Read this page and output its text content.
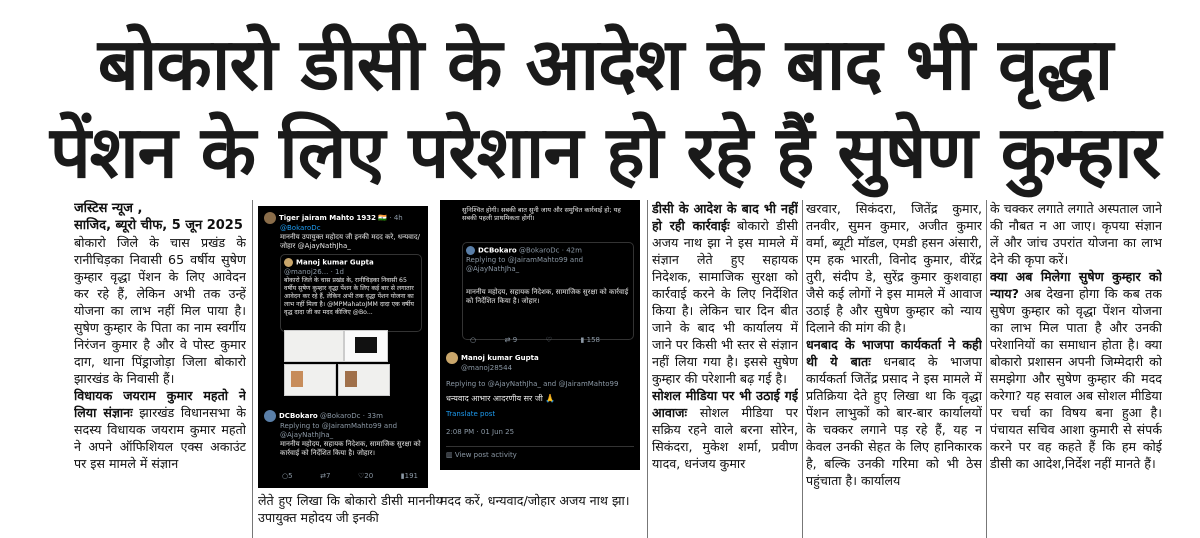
बोकारो डीसी के आदेश के बाद भी वृद्धा
पेंशन के लिए परेशान हो रहे हैं सुषेण कुम्हार

जस्टिस न्यूज ,

साजिद, ब्यूरो चीफ, 5 जून 2025

बोकारो जिले के चास प्रखंड के रानीचिड़का निवासी 65 वर्षीय सुषेण कुम्हार वृद्धा पेंशन के लिए आवेदन कर रहे हैं, लेकिन अभी तक उन्हें योजना का लाभ नहीं मिल पाया है। सुषेण कुम्हार के पिता का नाम स्वर्गीय निरंजन कुमार है और वे पोस्ट कुमार दाग, थाना पिंड्राजोड़ा जिला बोकारो झारखंड के निवासी हैं।

विधायक जयराम कुमार महतो ने लिया संज्ञानः झारखंड विधानसभा के सदस्य विधायक जयराम कुमार महतो ने अपने ऑफिशियल एक्स अकाउंट पर इस मामले में संज्ञान

Tiger jairam Mahto 1932 🇮🇳 · 4h
@BokaroDc
माननीय उपायुक्त महोदय जी इनकी मदद करे, धन्यवाद/ जोहार @AjayNathJha_
Manoj kumar Gupta @manoj26... · 1d
बोकारो जिले के चास प्रखंड के, रानीचिड़का निवासी 65 वर्षीय सुषेण कुम्हार वृद्धा पेंशन के लिए कई बार से लगातार आवेदन कर रहे हैं, लेकिन अभी तक वृद्धा पेंशन योजना का लाभ नहीं मिला है। @MPMahatoJMM दादा एक वर्षीय वृद्ध दादा जी का मदद कीजिए @Bo...
DCBokaro @BokaroDc · 33m
Replying to @JairamMahto99 and @AjayNathJha_
माननीय महोदय, सहायक निदेशक, सामाजिक सुरक्षा को कार्रवाई को निर्देशित किया है। जोहार।
○5	⇄7	♡20	▮191
सुनिश्चित होगी। सबकी बात सुनी जाय और समुचित कार्रवाई हो; यह सबकी पहली प्राथमिकता होगी।
DCBokaro @BokaroDc · 42m
Replying to @JairamMahto99 and @AjayNathJha_
माननीय महोदय, सहायक निदेशक, सामाजिक सुरक्षा को कार्रवाई को निर्देशित किया है। जोहार।
○	⇄ 9	♡	▮ 158
Manoj kumar Gupta
@manoj28544
Replying to @AjayNathJha_ and @JairamMahto99
धन्यवाद आभार आदरणीय सर जी 🙏
Translate post
2:08 PM · 01 Jun 25
▥ View post activity
लेते हुए लिखा कि बोकारो डीसी माननीय उपायुक्त महोदय जी इनकी
मदद करें, धन्यवाद/जोहार अजय नाथ झा।

डीसी के आदेश के बाद भी नहीं हो रही कार्रवाईः बोकारो डीसी अजय नाथ झा ने इस मामले में संज्ञान लेते हुए सहायक निदेशक, सामाजिक सुरक्षा को कार्रवाई करने के लिए निर्देशित किया है। लेकिन चार दिन बीत जाने के बाद भी कार्यालय में जाने पर किसी भी स्तर से संज्ञान नहीं लिया गया है। इससे सुषेण कुम्हार की परेशानी बढ़ गई है।

सोशल मीडिया पर भी उठाई गई आवाजः सोशल मीडिया पर सक्रिय रहने वाले बरना सोरेन, सिकंदरा, मुकेश शर्मा, प्रवीण यादव, धनंजय कुमार

खरवार, सिकंदरा, जितेंद्र कुमार, तनवीर, सुमन कुमार, अजीत कुमार वर्मा, ब्यूटी मॉडल, एमडी हसन अंसारी, एम हक भारती, विनोद कुमार, वीरेंद्र तुरी, संदीप डे, सुरेंद्र कुमार कुशवाहा जैसे कई लोगों ने इस मामले में आवाज उठाई है और सुषेण कुम्हार को न्याय दिलाने की मांग की है।

धनबाद के भाजपा कार्यकर्ता ने कही थी ये बातः धनबाद के भाजपा कार्यकर्ता जितेंद्र प्रसाद ने इस मामले में प्रतिक्रिया देते हुए लिखा था कि वृद्धा पेंशन लाभुकों को बार-बार कार्यालयों के चक्कर लगाने पड़ रहे हैं, यह न केवल उनकी सेहत के लिए हानिकारक है, बल्कि उनकी गरिमा को भी ठेस पहुंचाता है। कार्यालय

के चक्कर लगाते लगाते अस्पताल जाने की नौबत न आ जाए। कृपया संज्ञान लें और जांच उपरांत योजना का लाभ देने की कृपा करें।

क्या अब मिलेगा सुषेण कुम्हार को न्याय? अब देखना होगा कि कब तक सुषेण कुम्हार को वृद्धा पेंशन योजना का लाभ मिल पाता है और उनकी परेशानियों का समाधान होता है। क्या बोकारो प्रशासन अपनी जिम्मेदारी को समझेगा और सुषेण कुम्हार की मदद करेगा? यह सवाल अब सोशल मीडिया पर चर्चा का विषय बना हुआ है। पंचायत सचिव आशा कुमारी से संपर्क करने पर वह कहते हैं कि हम कोई डीसी का आदेश,निर्देश नहीं मानते हैं।
